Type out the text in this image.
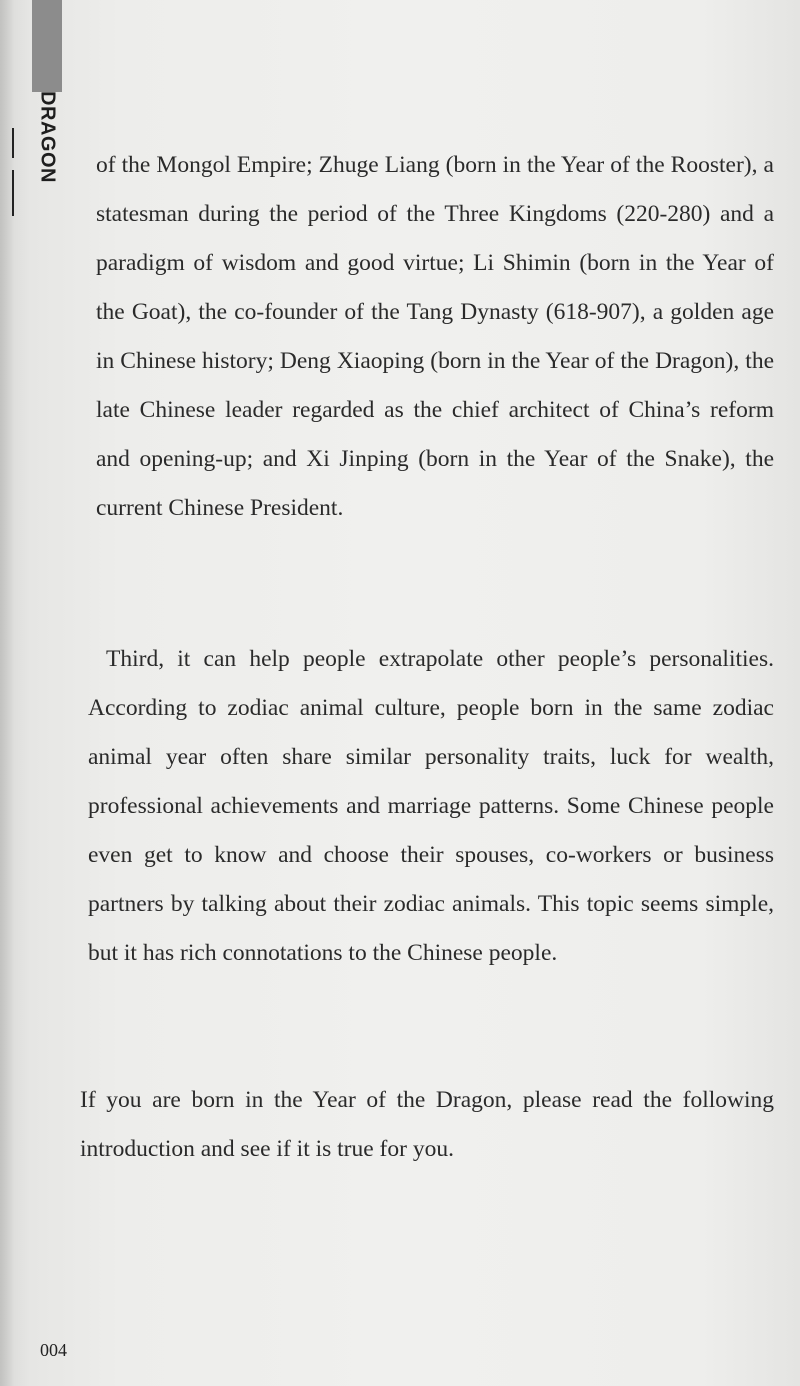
DRAGON of the Mongol Empire; Zhuge Liang (born in the Year of the Rooster), a statesman during the period of the Three Kingdoms (220-280) and a paradigm of wisdom and good virtue; Li Shimin (born in the Year of the Goat), the co-founder of the Tang Dynasty (618-907), a golden age in Chinese history; Deng Xiaoping (born in the Year of the Dragon), the late Chinese leader regarded as the chief architect of China’s reform and opening-up; and Xi Jinping (born in the Year of the Snake), the current Chinese President.

Third, it can help people extrapolate other people’s personalities. According to zodiac animal culture, people born in the same zodiac animal year often share similar personality traits, luck for wealth, professional achievements and marriage patterns. Some Chinese people even get to know and choose their spouses, co-workers or business partners by talking about their zodiac animals. This topic seems simple, but it has rich connotations to the Chinese people.

If you are born in the Year of the Dragon, please read the following introduction and see if it is true for you.

004
